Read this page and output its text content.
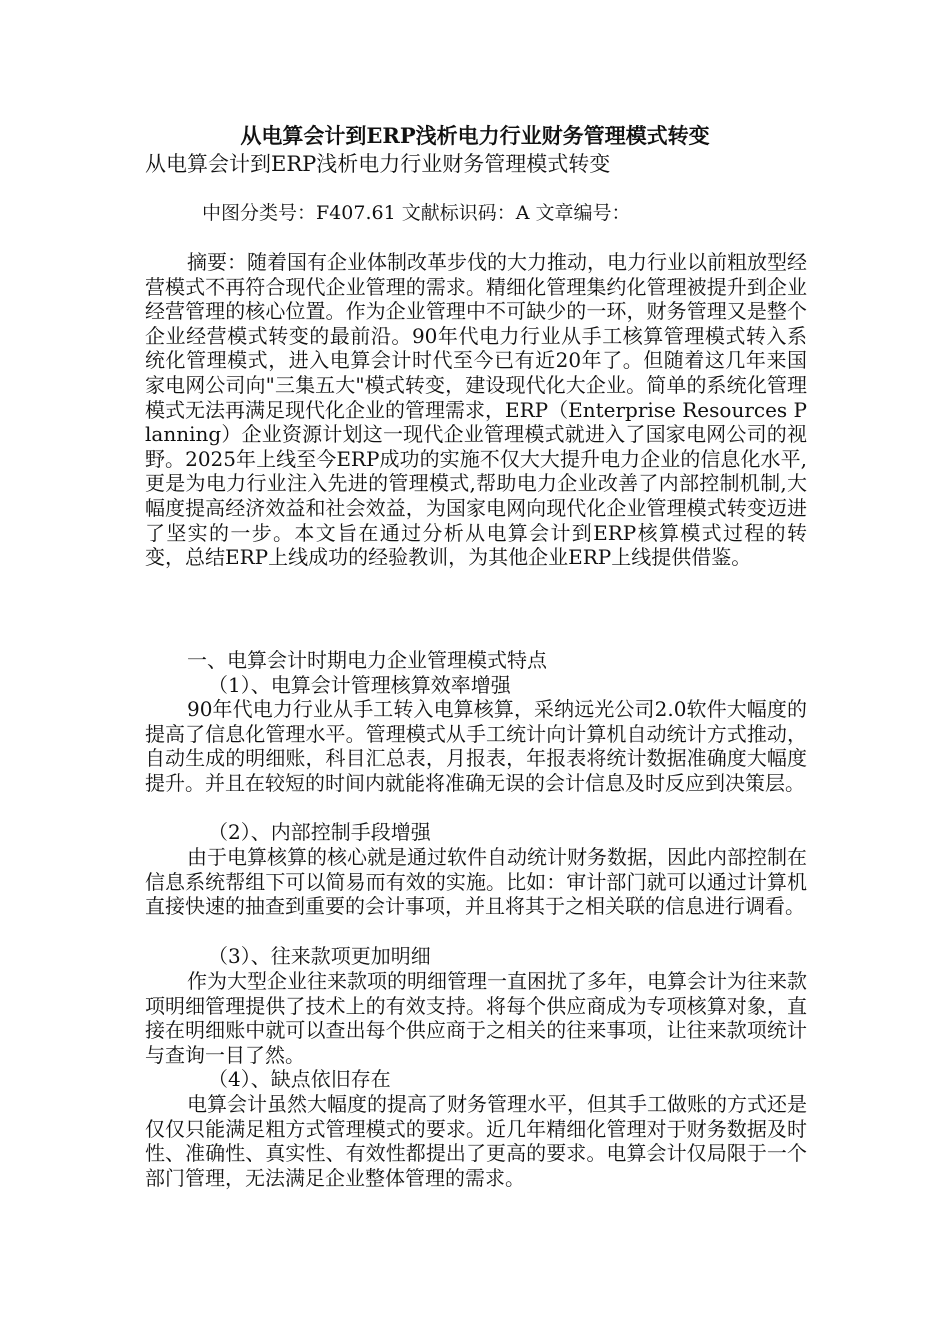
从电算会计到ERP浅析电力行业财务管理模式转变
从电算会计到ERP浅析电力行业财务管理模式转变
中图分类号：F407.61 文献标识码：A 文章编号：
摘要：随着国有企业体制改革步伐的大力推动，电力行业以前粗放型经营模式不再符合现代企业管理的需求。精细化管理集约化管理被提升到企业经营管理的核心位置。作为企业管理中不可缺少的一环，财务管理又是整个企业经营模式转变的最前沿。90年代电力行业从手工核算管理模式转入系统化管理模式，进入电算会计时代至今已有近20年了。但随着这几年来国家电网公司向"三集五大"模式转变，建设现代化大企业。简单的系统化管理模式无法再满足现代化企业的管理需求，ERP（Enterprise Resources Planning）企业资源计划这一现代企业管理模式就进入了国家电网公司的视野。2025年上线至今ERP成功的实施不仅大大提升电力企业的信息化水平,更是为电力行业注入先进的管理模式,帮助电力企业改善了内部控制机制,大幅度提高经济效益和社会效益，为国家电网向现代化企业管理模式转变迈进了坚实的一步。本文旨在通过分析从电算会计到ERP核算模式过程的转变，总结ERP上线成功的经验教训，为其他企业ERP上线提供借鉴。
一、电算会计时期电力企业管理模式特点
（1）、电算会计管理核算效率增强
90年代电力行业从手工转入电算核算，采纳远光公司2.0软件大幅度的提高了信息化管理水平。管理模式从手工统计向计算机自动统计方式推动，自动生成的明细账，科目汇总表，月报表，年报表将统计数据准确度大幅度提升。并且在较短的时间内就能将准确无误的会计信息及时反应到决策层。
（2）、内部控制手段增强
由于电算核算的核心就是通过软件自动统计财务数据，因此内部控制在信息系统帮组下可以简易而有效的实施。比如：审计部门就可以通过计算机直接快速的抽查到重要的会计事项，并且将其于之相关联的信息进行调看。
（3）、往来款项更加明细
作为大型企业往来款项的明细管理一直困扰了多年，电算会计为往来款项明细管理提供了技术上的有效支持。将每个供应商成为专项核算对象，直接在明细账中就可以查出每个供应商于之相关的往来事项，让往来款项统计与查询一目了然。
（4）、缺点依旧存在
电算会计虽然大幅度的提高了财务管理水平，但其手工做账的方式还是仅仅只能满足粗方式管理模式的要求。近几年精细化管理对于财务数据及时性、准确性、真实性、有效性都提出了更高的要求。电算会计仅局限于一个部门管理，无法满足企业整体管理的需求。
